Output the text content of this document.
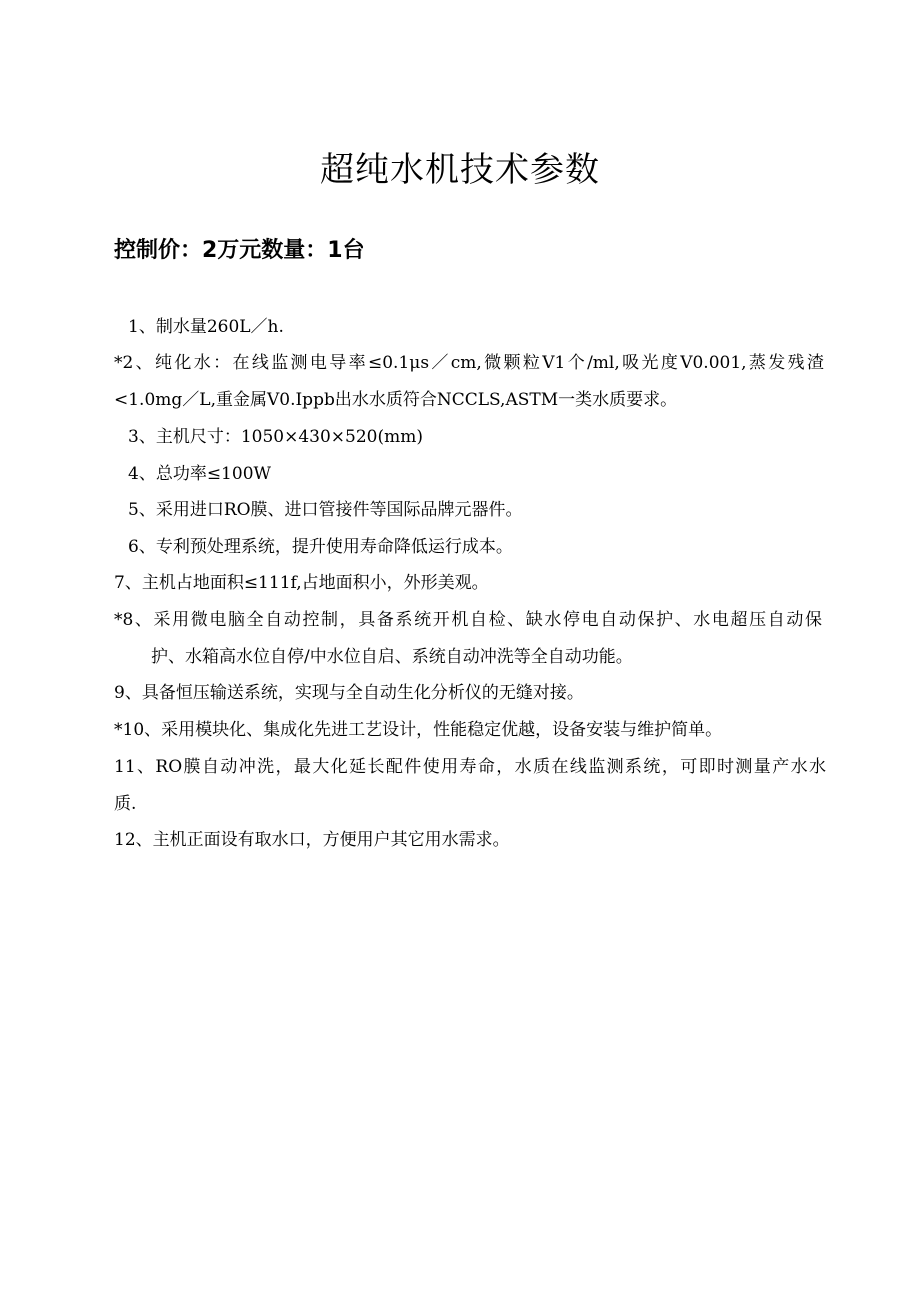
超纯水机技术参数
控制价：2万元数量：1台
1、制水量260L／h.
*2、纯化水：在线监测电导率≤0.1μs／cm,微颗粒V1个/ml,吸光度V0.001,蒸发残渣
<1.0mg／L,重金属V0.Ippb出水水质符合NCCLS,ASTM一类水质要求。
3、主机尺寸：1050×430×520(mm)
4、总功率≤100W
5、采用进口RO膜、进口管接件等国际品牌元器件。
6、专利预处理系统，提升使用寿命降低运行成本。
7、主机占地面积≤111f,占地面积小，外形美观。
*8、采用微电脑全自动控制，具备系统开机自检、缺水停电自动保护、水电超压自动保
护、水箱高水位自停/中水位自启、系统自动冲洗等全自动功能。
9、具备恒压输送系统，实现与全自动生化分析仪的无缝对接。
*10、采用模块化、集成化先进工艺设计，性能稳定优越，设备安装与维护简单。
11、RO膜自动冲洗，最大化延长配件使用寿命，水质在线监测系统，可即时测量产水水
质.
12、主机正面设有取水口，方便用户其它用水需求。
